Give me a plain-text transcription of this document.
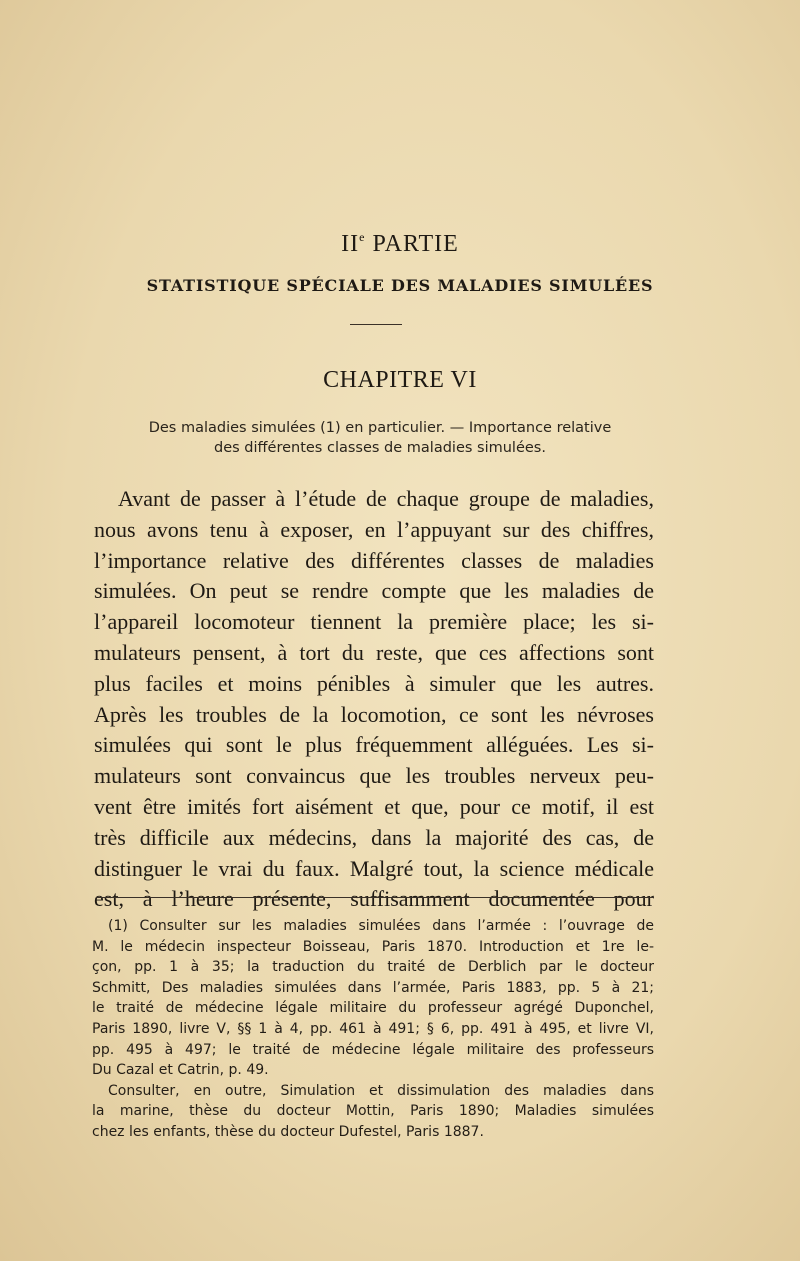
IIe PARTIE
STATISTIQUE SPÉCIALE DES MALADIES SIMULÉES
CHAPITRE VI
Des maladies simulées (1) en particulier. — Importance relative
des différentes classes de maladies simulées.
Avant de passer à l’étude de chaque groupe de maladies,
nous avons tenu à exposer, en l’appuyant sur des chiffres,
l’importance relative des différentes classes de maladies
simulées. On peut se rendre compte que les maladies de
l’appareil locomoteur tiennent la première place; les si-
mulateurs pensent, à tort du reste, que ces affections sont
plus faciles et moins pénibles à simuler que les autres.
Après les troubles de la locomotion, ce sont les névroses
simulées qui sont le plus fréquemment alléguées. Les si-
mulateurs sont convaincus que les troubles nerveux peu-
vent être imités fort aisément et que, pour ce motif, il est
très difficile aux médecins, dans la majorité des cas, de
distinguer le vrai du faux. Malgré tout, la science médicale
est, à l’heure présente, suffisamment documentée pour
(1) Consulter sur les maladies simulées dans l’armée : l’ouvrage de
M. le médecin inspecteur Boisseau, Paris 1870. Introduction et 1re le-
çon, pp. 1 à 35; la traduction du traité de Derblich par le docteur
Schmitt, Des maladies simulées dans l’armée, Paris 1883, pp. 5 à 21;
le traité de médecine légale militaire du professeur agrégé Duponchel,
Paris 1890, livre V, §§ 1 à 4, pp. 461 à 491; § 6, pp. 491 à 495, et livre VI,
pp. 495 à 497; le traité de médecine légale militaire des professeurs
Du Cazal et Catrin, p. 49.
Consulter, en outre, Simulation et dissimulation des maladies dans
la marine, thèse du docteur Mottin, Paris 1890; Maladies simulées
chez les enfants, thèse du docteur Dufestel, Paris 1887.
